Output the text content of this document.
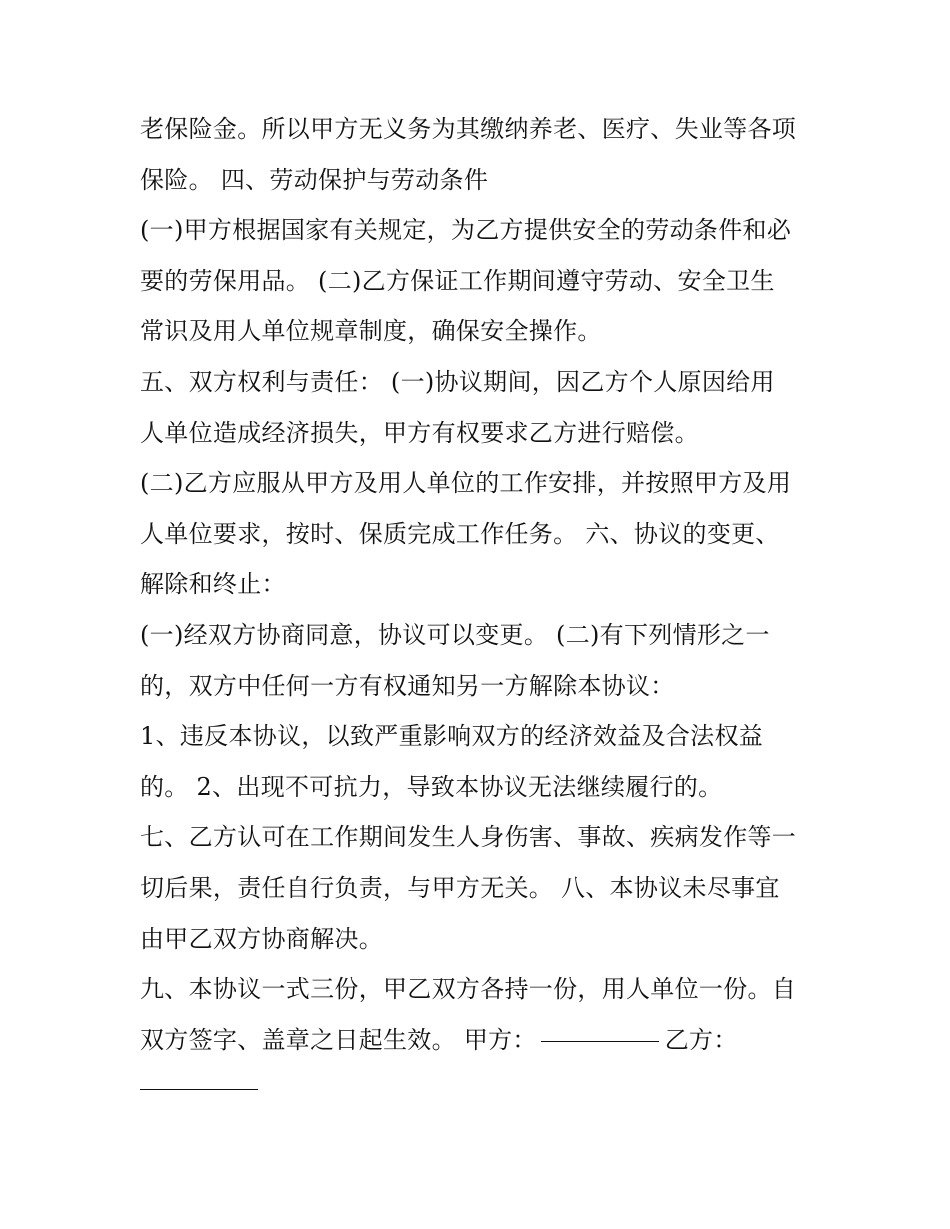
老保险金。所以甲方无义务为其缴纳养老、医疗、失业等各项
保险。 四、劳动保护与劳动条件
(一)甲方根据国家有关规定，为乙方提供安全的劳动条件和必
要的劳保用品。 (二)乙方保证工作期间遵守劳动、安全卫生
常识及用人单位规章制度，确保安全操作。
五、双方权利与责任： (一)协议期间，因乙方个人原因给用
人单位造成经济损失，甲方有权要求乙方进行赔偿。
(二)乙方应服从甲方及用人单位的工作安排，并按照甲方及用
人单位要求，按时、保质完成工作任务。 六、协议的变更、
解除和终止：
(一)经双方协商同意，协议可以变更。 (二)有下列情形之一
的，双方中任何一方有权通知另一方解除本协议：
1、违反本协议，以致严重影响双方的经济效益及合法权益
的。 2、出现不可抗力，导致本协议无法继续履行的。
七、乙方认可在工作期间发生人身伤害、事故、疾病发作等一
切后果，责任自行负责，与甲方无关。 八、本协议未尽事宜
由甲乙双方协商解决。
九、本协议一式三份，甲乙双方各持一份，用人单位一份。自
双方签字、盖章之日起生效。 甲方：	乙方：
